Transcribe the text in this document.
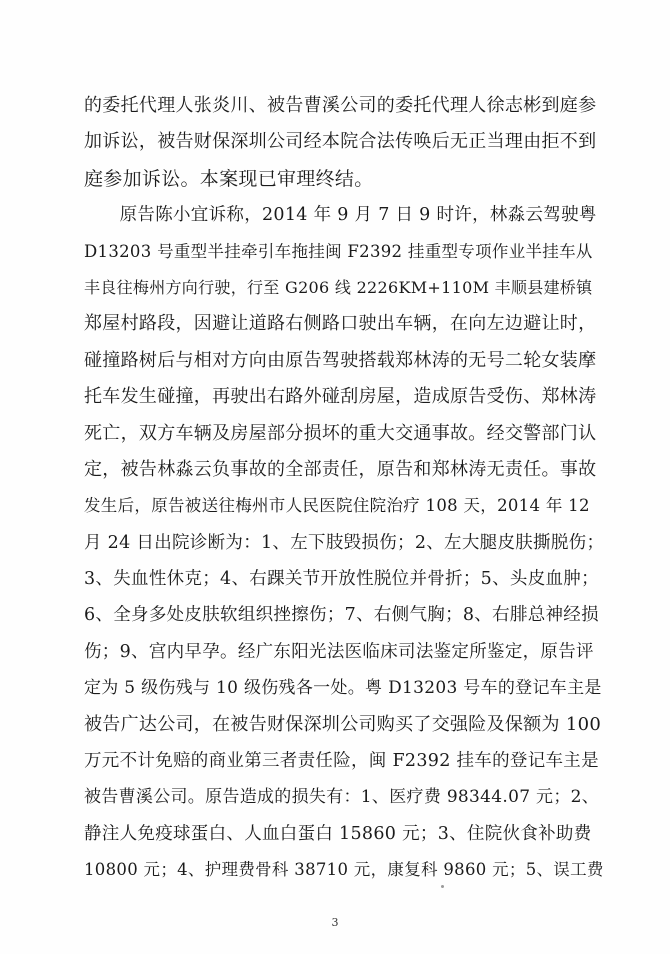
的委托代理人张炎川、被告曹溪公司的委托代理人徐志彬到庭参
加诉讼，被告财保深圳公司经本院合法传唤后无正当理由拒不到
庭参加诉讼。本案现已审理终结。
　　原告陈小宜诉称，2014 年 9 月 7 日 9 时许，林淼云驾驶粤
D13203 号重型半挂牵引车拖挂闽 F2392 挂重型专项作业半挂车从
丰良往梅州方向行驶，行至 G206 线 2226KM+110M 丰顺县建桥镇
郑屋村路段，因避让道路右侧路口驶出车辆，在向左边避让时，
碰撞路树后与相对方向由原告驾驶搭载郑林涛的无号二轮女装摩
托车发生碰撞，再驶出右路外碰刮房屋，造成原告受伤、郑林涛
死亡，双方车辆及房屋部分损坏的重大交通事故。经交警部门认
定，被告林淼云负事故的全部责任，原告和郑林涛无责任。事故
发生后，原告被送往梅州市人民医院住院治疗 108 天，2014 年 12
月 24 日出院诊断为：1、左下肢毁损伤；2、左大腿皮肤撕脱伤；
3、失血性休克；4、右踝关节开放性脱位并骨折；5、头皮血肿；
6、全身多处皮肤软组织挫擦伤；7、右侧气胸；8、右腓总神经损
伤；9、宫内早孕。经广东阳光法医临床司法鉴定所鉴定，原告评
定为 5 级伤残与 10 级伤残各一处。粤 D13203 号车的登记车主是
被告广达公司，在被告财保深圳公司购买了交强险及保额为 100
万元不计免赔的商业第三者责任险，闽 F2392 挂车的登记车主是
被告曹溪公司。原告造成的损失有：1、医疗费 98344.07 元；2、
静注人免疫球蛋白、人血白蛋白 15860 元；3、住院伙食补助费
10800 元；4、护理费骨科 38710 元，康复科 9860 元；5、误工费
3
